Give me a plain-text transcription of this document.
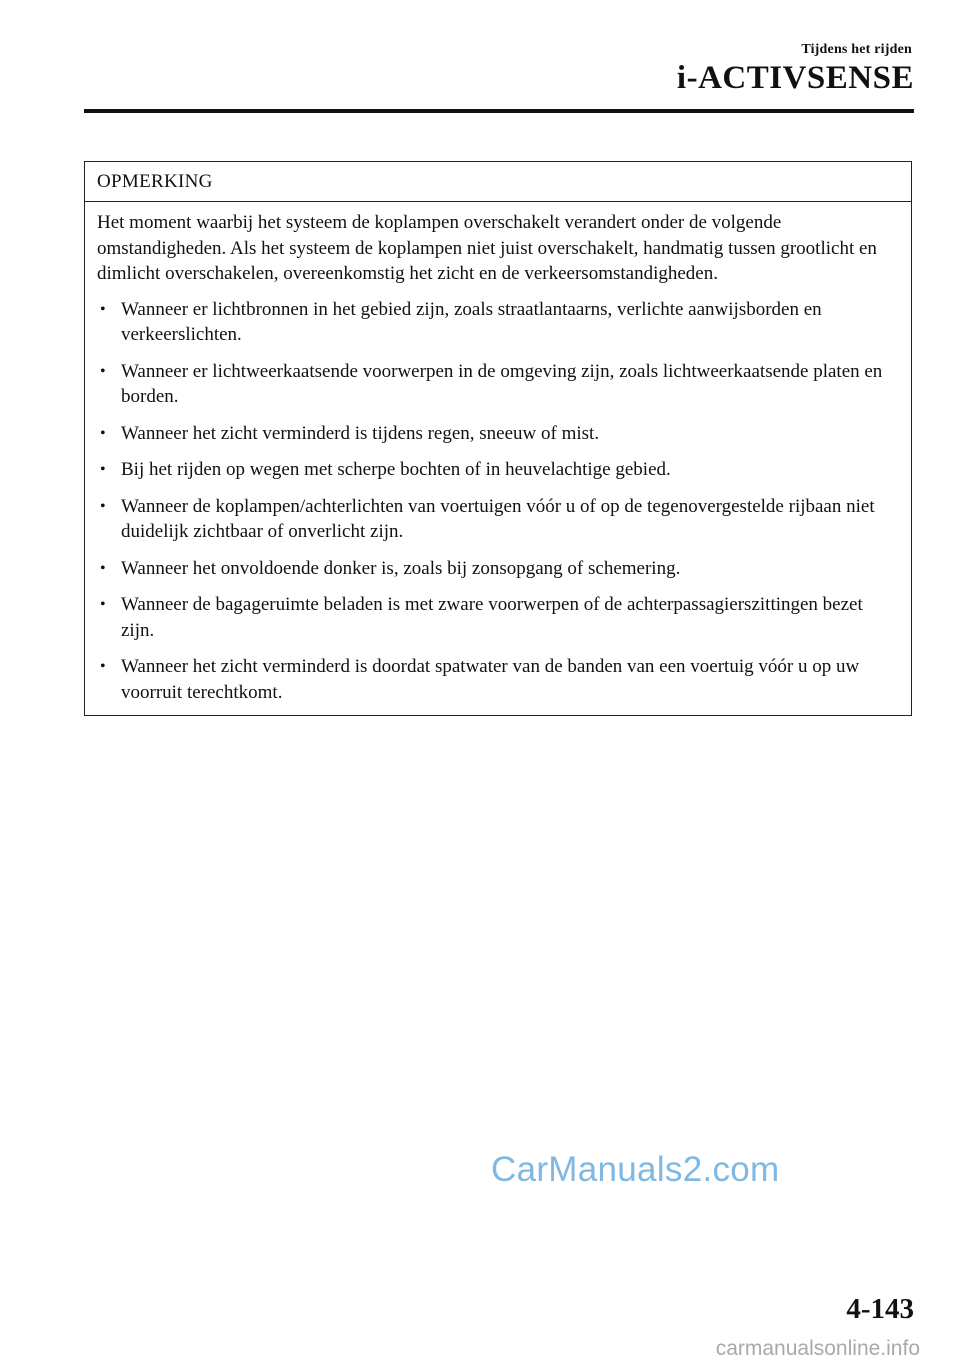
Tijdens het rijden
i-ACTIVSENSE
OPMERKING

Het moment waarbij het systeem de koplampen overschakelt verandert onder de volgende omstandigheden. Als het systeem de koplampen niet juist overschakelt, handmatig tussen grootlicht en dimlicht overschakelen, overeenkomstig het zicht en de verkeersomstandigheden.

• Wanneer er lichtbronnen in het gebied zijn, zoals straatlantaarns, verlichte aanwijsborden en verkeerslichten.
• Wanneer er lichtweerkaatsende voorwerpen in de omgeving zijn, zoals lichtweerkaatsende platen en borden.
• Wanneer het zicht verminderd is tijdens regen, sneeuw of mist.
• Bij het rijden op wegen met scherpe bochten of in heuvelachtige gebied.
• Wanneer de koplampen/achterlichten van voertuigen vóór u of op de tegenovergestelde rijbaan niet duidelijk zichtbaar of onverlicht zijn.
• Wanneer het onvoldoende donker is, zoals bij zonsopgang of schemering.
• Wanneer de bagageruimte beladen is met zware voorwerpen of de achterpassagierszittingen bezet zijn.
• Wanneer het zicht verminderd is doordat spatwater van de banden van een voertuig vóór u op uw voorruit terechtkomt.
CarManuals2.com
4-143
carmanualsonline.info
